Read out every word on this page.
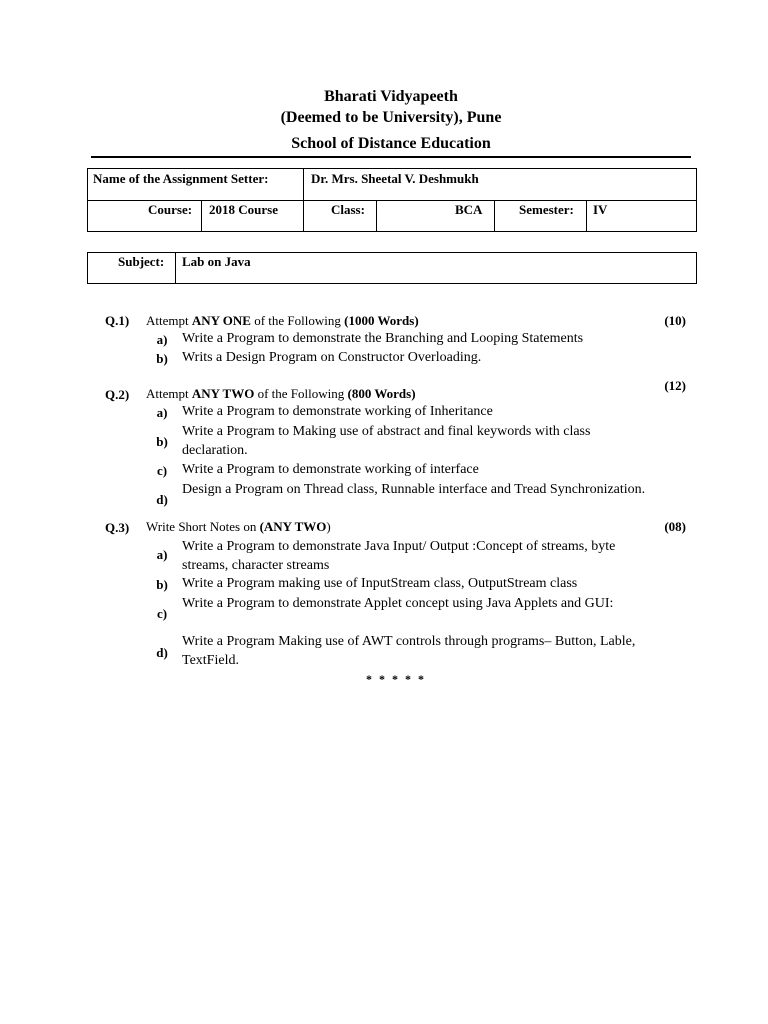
Bharati Vidyapeeth
(Deemed to be University), Pune
School of Distance Education
Name of the Assignment Setter:	Dr. Mrs. Sheetal V. Deshmukh
Course: 2018 Course	Class:	BCA	Semester: IV
Subject: Lab on Java
Q.1) Attempt ANY ONE of the Following (1000 Words)	(10)
a)	Write a Program to demonstrate the Branching and Looping Statements
b)	Writs a Design Program on Constructor Overloading.
Q.2) Attempt ANY TWO of the Following (800 Words)
(12)
a)	Write a Program to demonstrate working of Inheritance
b)
Write a Program to Making use of abstract and final keywords with class declaration.
c)	Write a Program to demonstrate working of interface
d)
Design a Program on Thread class, Runnable interface and Tread Synchronization.
Q.3) Write Short Notes on (ANY TWO)	(08)
a)
Write a Program to demonstrate Java Input/ Output :Concept of streams, byte streams, character streams
b)	Write a Program making use of InputStream class, OutputStream class
c)
Write a Program to demonstrate Applet concept using Java Applets and GUI:
d)
Write a Program Making use of AWT controls through programs– Button, Lable, TextField.
* * * * *
